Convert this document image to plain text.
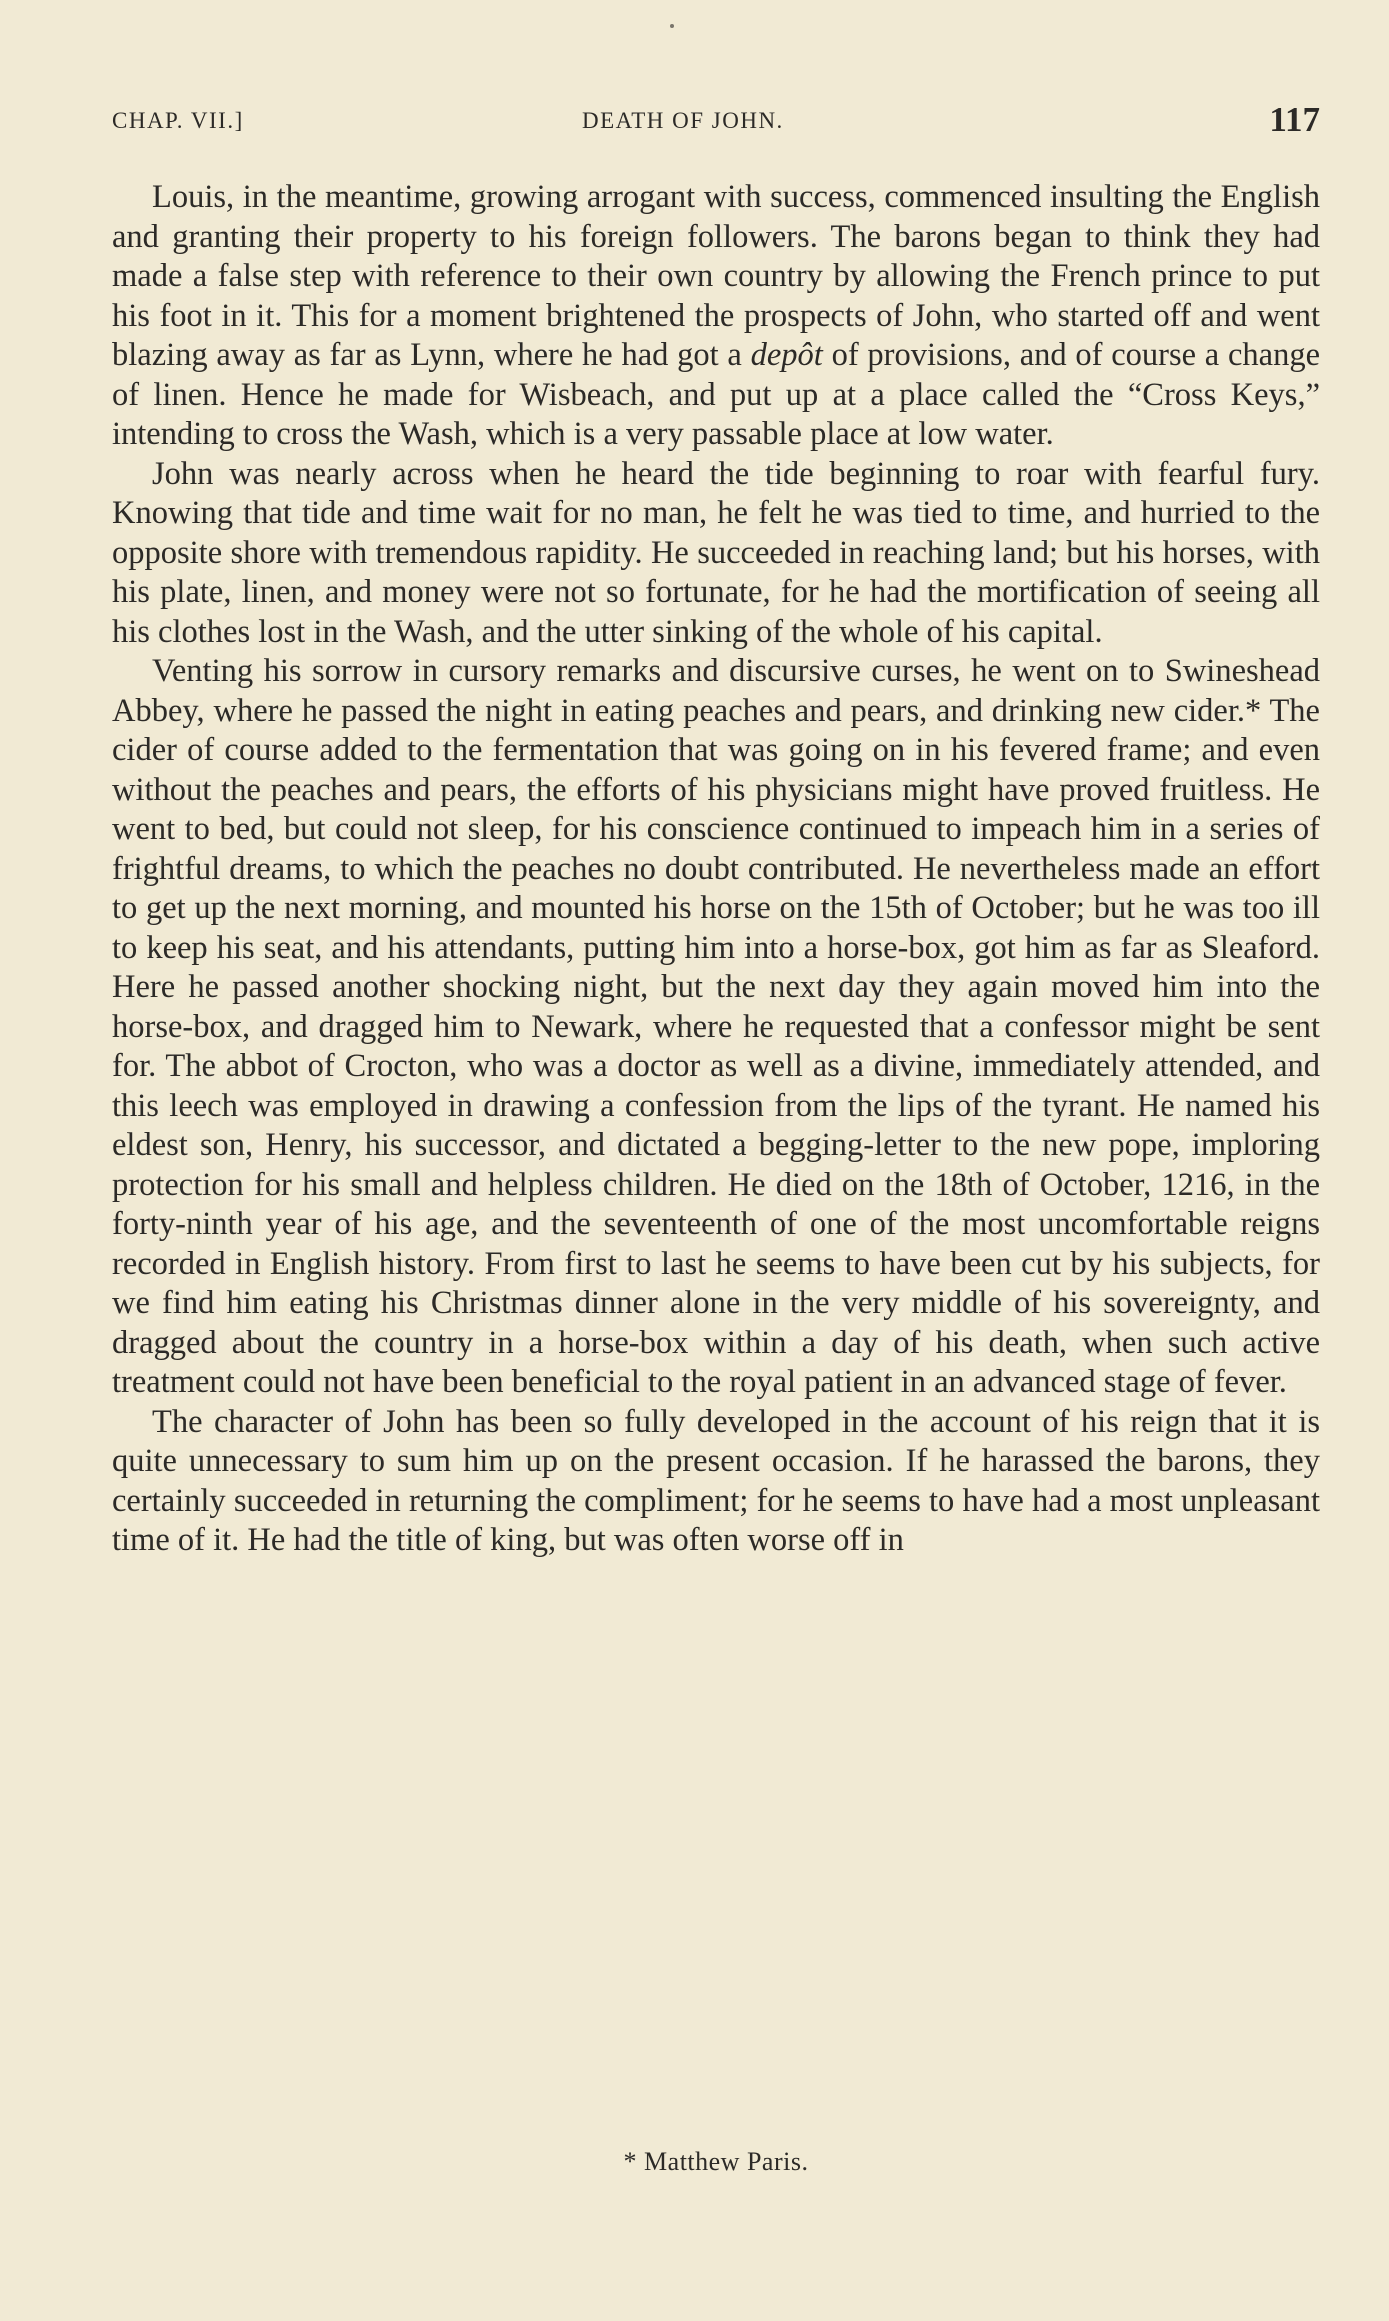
CHAP. VII.]	DEATH OF JOHN.	117

Louis, in the meantime, growing arrogant with success, commenced insulting the English and granting their property to his foreign followers. The barons began to think they had made a false step with reference to their own country by allowing the French prince to put his foot in it. This for a moment brightened the prospects of John, who started off and went blazing away as far as Lynn, where he had got a depôt of provisions, and of course a change of linen. Hence he made for Wisbeach, and put up at a place called the “Cross Keys,” intending to cross the Wash, which is a very passable place at low water.

John was nearly across when he heard the tide beginning to roar with fearful fury. Knowing that tide and time wait for no man, he felt he was tied to time, and hurried to the opposite shore with tremendous rapidity. He succeeded in reaching land; but his horses, with his plate, linen, and money were not so fortunate, for he had the mortification of seeing all his clothes lost in the Wash, and the utter sinking of the whole of his capital.

Venting his sorrow in cursory remarks and discursive curses, he went on to Swineshead Abbey, where he passed the night in eating peaches and pears, and drinking new cider.* The cider of course added to the fermentation that was going on in his fevered frame; and even without the peaches and pears, the efforts of his physicians might have proved fruitless. He went to bed, but could not sleep, for his conscience continued to impeach him in a series of frightful dreams, to which the peaches no doubt contributed. He nevertheless made an effort to get up the next morning, and mounted his horse on the 15th of October; but he was too ill to keep his seat, and his attendants, putting him into a horse-box, got him as far as Sleaford. Here he passed another shocking night, but the next day they again moved him into the horse-box, and dragged him to Newark, where he requested that a confessor might be sent for. The abbot of Crocton, who was a doctor as well as a divine, immediately attended, and this leech was employed in drawing a confession from the lips of the tyrant. He named his eldest son, Henry, his successor, and dictated a begging-letter to the new pope, imploring protection for his small and helpless children. He died on the 18th of October, 1216, in the forty-ninth year of his age, and the seventeenth of one of the most uncomfortable reigns recorded in English history. From first to last he seems to have been cut by his subjects, for we find him eating his Christmas dinner alone in the very middle of his sovereignty, and dragged about the country in a horse-box within a day of his death, when such active treatment could not have been beneficial to the royal patient in an advanced stage of fever.

The character of John has been so fully developed in the account of his reign that it is quite unnecessary to sum him up on the present occasion. If he harassed the barons, they certainly succeeded in returning the compliment; for he seems to have had a most unpleasant time of it. He had the title of king, but was often worse off in

* Matthew Paris.
